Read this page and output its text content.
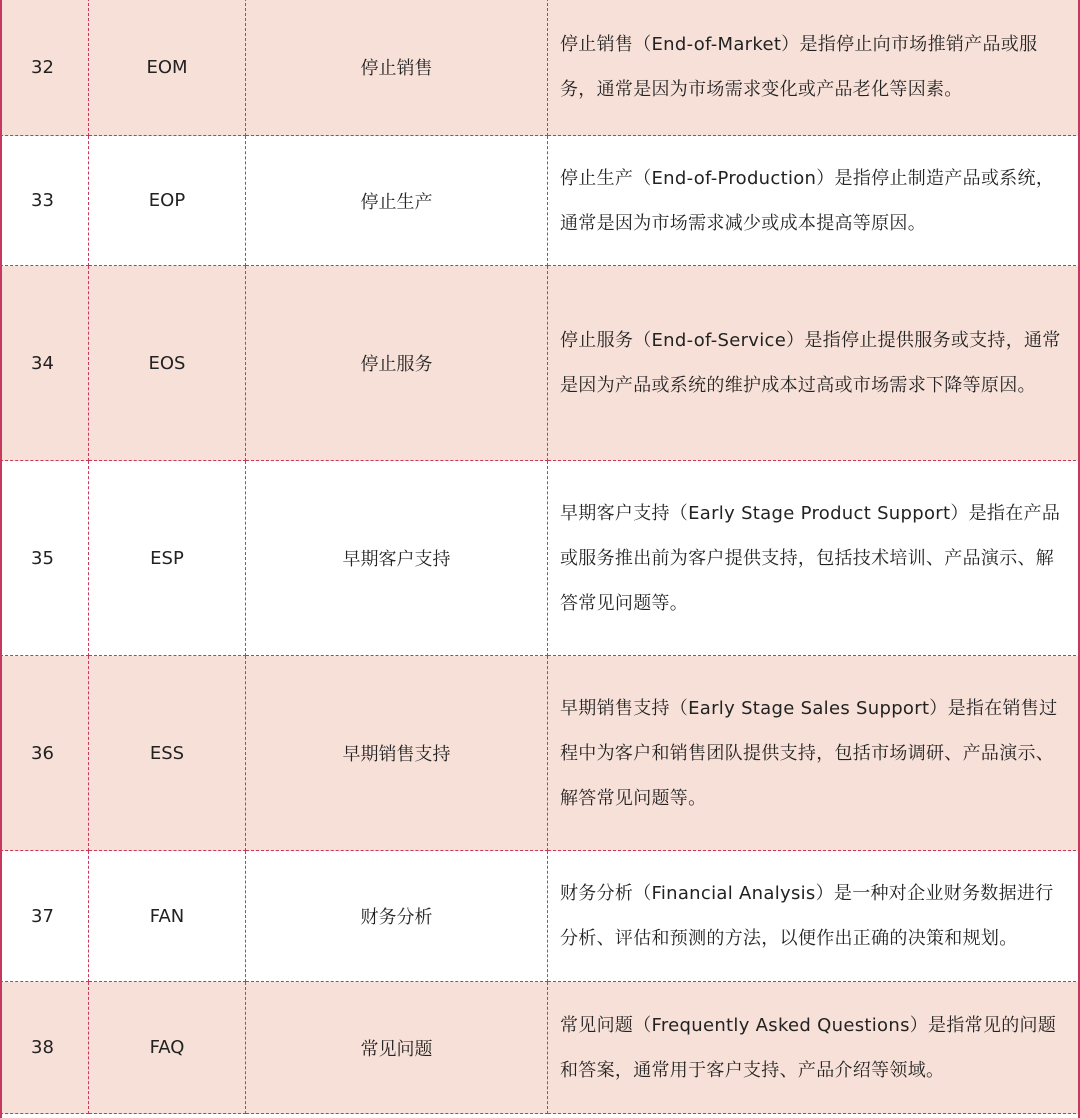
32	EOM	停止销售	停止销售（End-of-Market）是指停止向市场推销产品或服务，通常是因为市场需求变化或产品老化等因素。
33	EOP	停止生产	停止生产（End-of-Production）是指停止制造产品或系统，通常是因为市场需求减少或成本提高等原因。
34	EOS	停止服务	停止服务（End-of-Service）是指停止提供服务或支持，通常是因为产品或系统的维护成本过高或市场需求下降等原因。
35	ESP	早期客户支持	早期客户支持（Early Stage Product Support）是指在产品或服务推出前为客户提供支持，包括技术培训、产品演示、解答常见问题等。
36	ESS	早期销售支持	早期销售支持（Early Stage Sales Support）是指在销售过程中为客户和销售团队提供支持，包括市场调研、产品演示、解答常见问题等。
37	FAN	财务分析	财务分析（Financial Analysis）是一种对企业财务数据进行分析、评估和预测的方法，以便作出正确的决策和规划。
38	FAQ	常见问题	常见问题（Frequently Asked Questions）是指常见的问题和答案，通常用于客户支持、产品介绍等领域。
